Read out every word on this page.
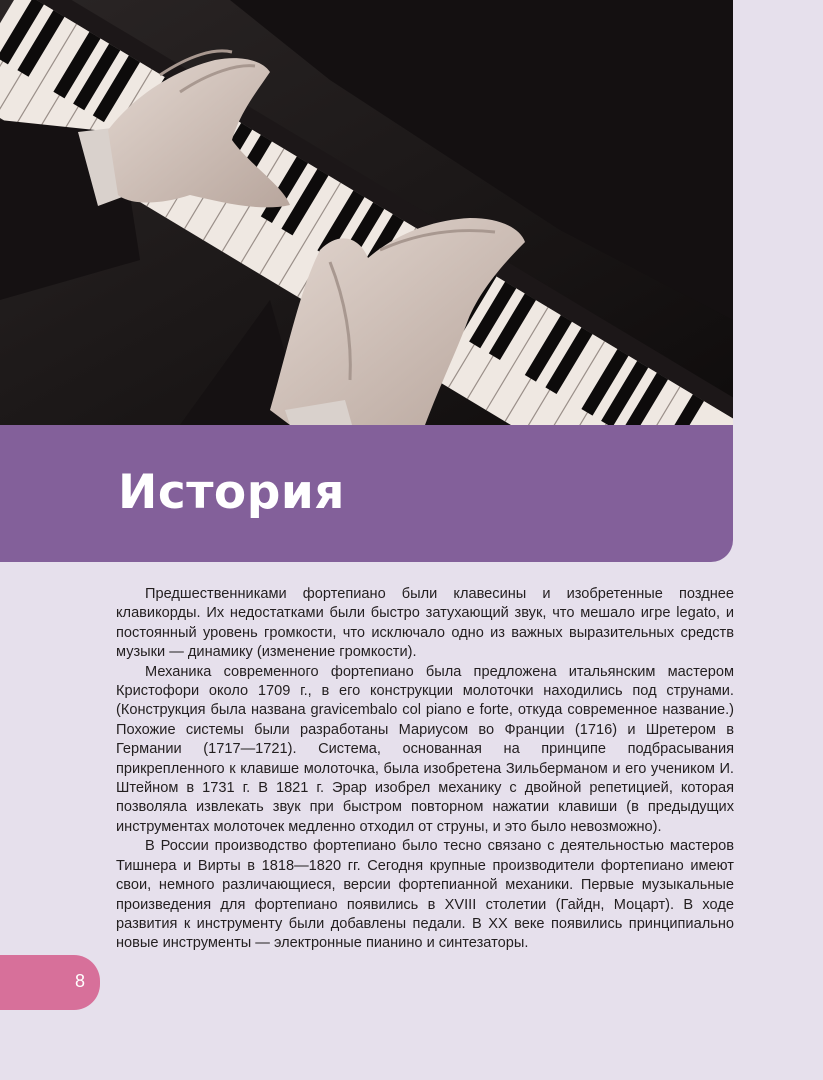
История

Предшественниками фортепиано были клавесины и изобретенные позднее клавикорды. Их недостатками были быстро затухающий звук, что мешало игре legato, и постоянный уровень громкости, что исключало одно из важных выразительных средств музыки — динамику (изменение громкости).

Механика современного фортепиано была предложена итальянским мастером Кристофори около 1709 г., в его конструкции молоточки находились под струнами. (Конструкция была названа gravicembalo col piano e forte, откуда современное название.) Похожие системы были разработаны Мариусом во Франции (1716) и Шретером в Германии (1717—1721). Система, основанная на принципе подбрасывания прикрепленного к клавише молоточка, была изобретена Зильберманом и его учеником И. Штейном в 1731 г. В 1821 г. Эрар изобрел механику с двойной репетицией, которая позволяла извлекать звук при быстром повторном нажатии клавиши (в предыдущих инструментах молоточек медленно отходил от струны, и это было невозможно).

В России производство фортепиано было тесно связано с деятельностью мастеров Тишнера и Вирты в 1818—1820 гг. Сегодня крупные производители фортепиано имеют свои, немного различающиеся, версии фортепианной механики. Первые музыкальные произведения для фортепиано появились в XVIII столетии (Гайдн, Моцарт). В ходе развития к инструменту были добавлены педали. В XX веке появились принципиально новые инструменты — электронные пианино и синтезаторы.

8
